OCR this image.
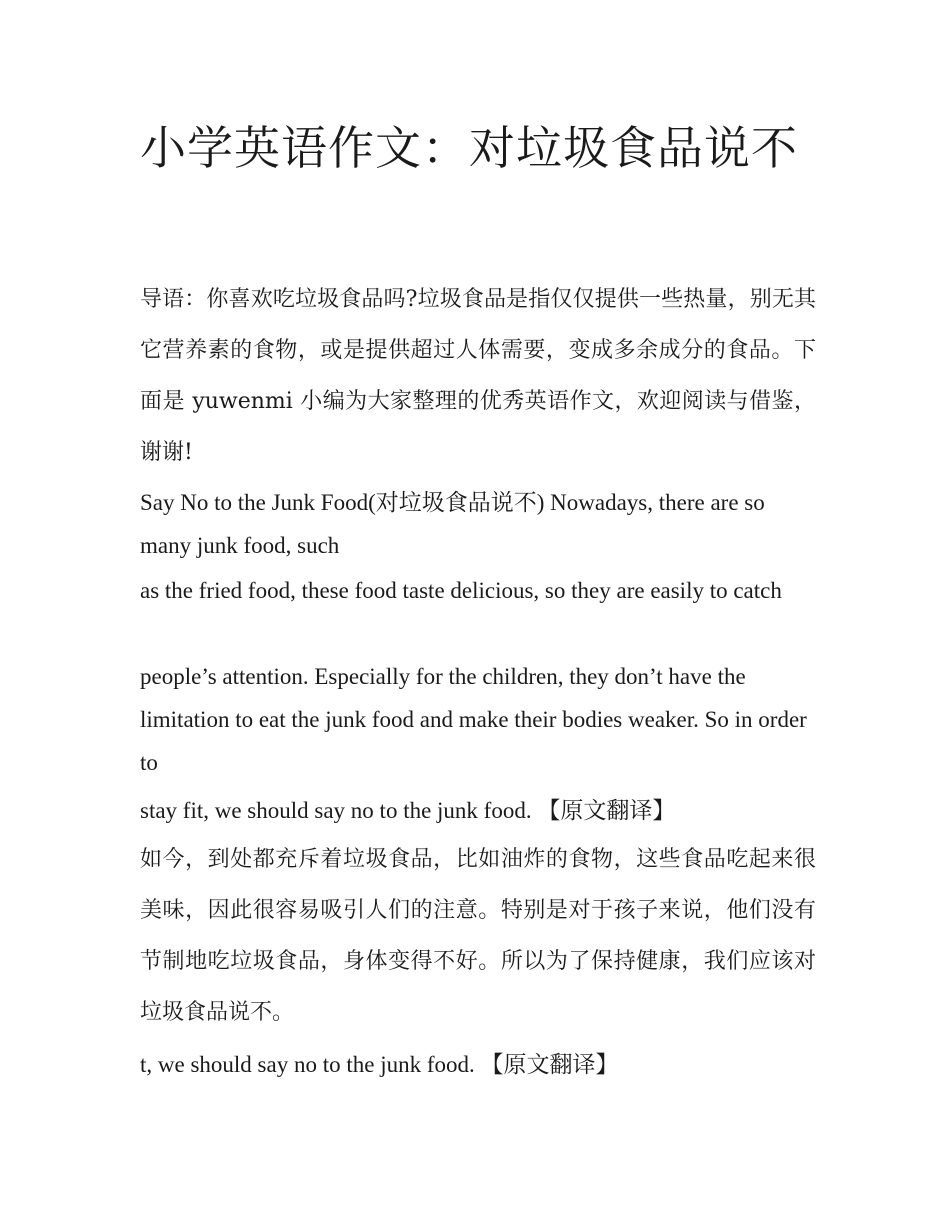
小学英语作文：对垃圾食品说不

导语：你喜欢吃垃圾食品吗?垃圾食品是指仅仅提供一些热量，别无其它营养素的食物，或是提供超过人体需要，变成多余成分的食品。下面是 yuwenmi 小编为大家整理的优秀英语作文，欢迎阅读与借鉴，谢谢!

Say No to the Junk Food(对垃圾食品说不) Nowadays, there are so many junk food, such

as the fried food, these food taste delicious, so they are easily to catch

people’s attention. Especially for the children, they don’t have the limitation to eat the junk food and make their bodies weaker. So in order to

stay fit, we should say no to the junk food. 【原文翻译】

如今，到处都充斥着垃圾食品，比如油炸的食物，这些食品吃起来很美味，因此很容易吸引人们的注意。特别是对于孩子来说，他们没有节制地吃垃圾食品，身体变得不好。所以为了保持健康，我们应该对垃圾食品说不。

t, we should say no to the junk food. 【原文翻译】
